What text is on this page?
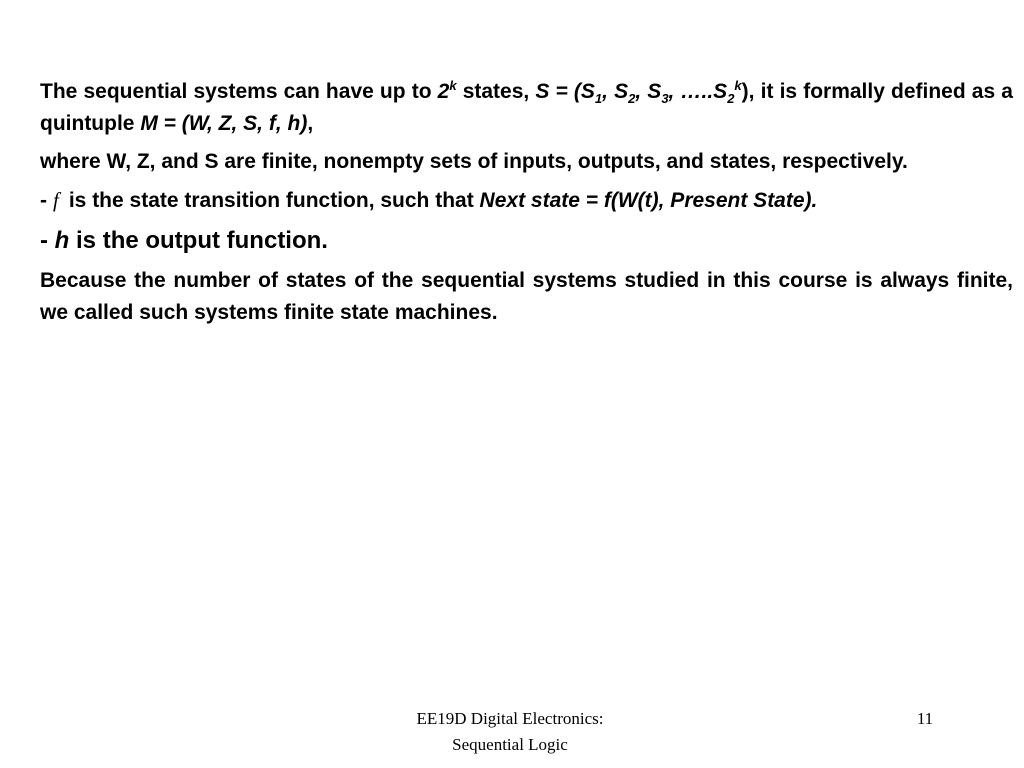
The sequential systems can have up to 2$^k$ states, $S = (S_1$, $S_2$, $S_3$, $\dots..S_2^k$), it is formally defined as a quintuple M = (W, Z, S, f, h),

where W, Z, and S are finite, nonempty sets of inputs, outputs, and states, respectively.

- f is the state transition function, such that Next state = f(W(t), Present State).

- h is the output function.

Because the number of states of the sequential systems studied in this course is always finite, we called such systems finite state machines.

EE19D Digital Electronics:
Sequential Logic
11
